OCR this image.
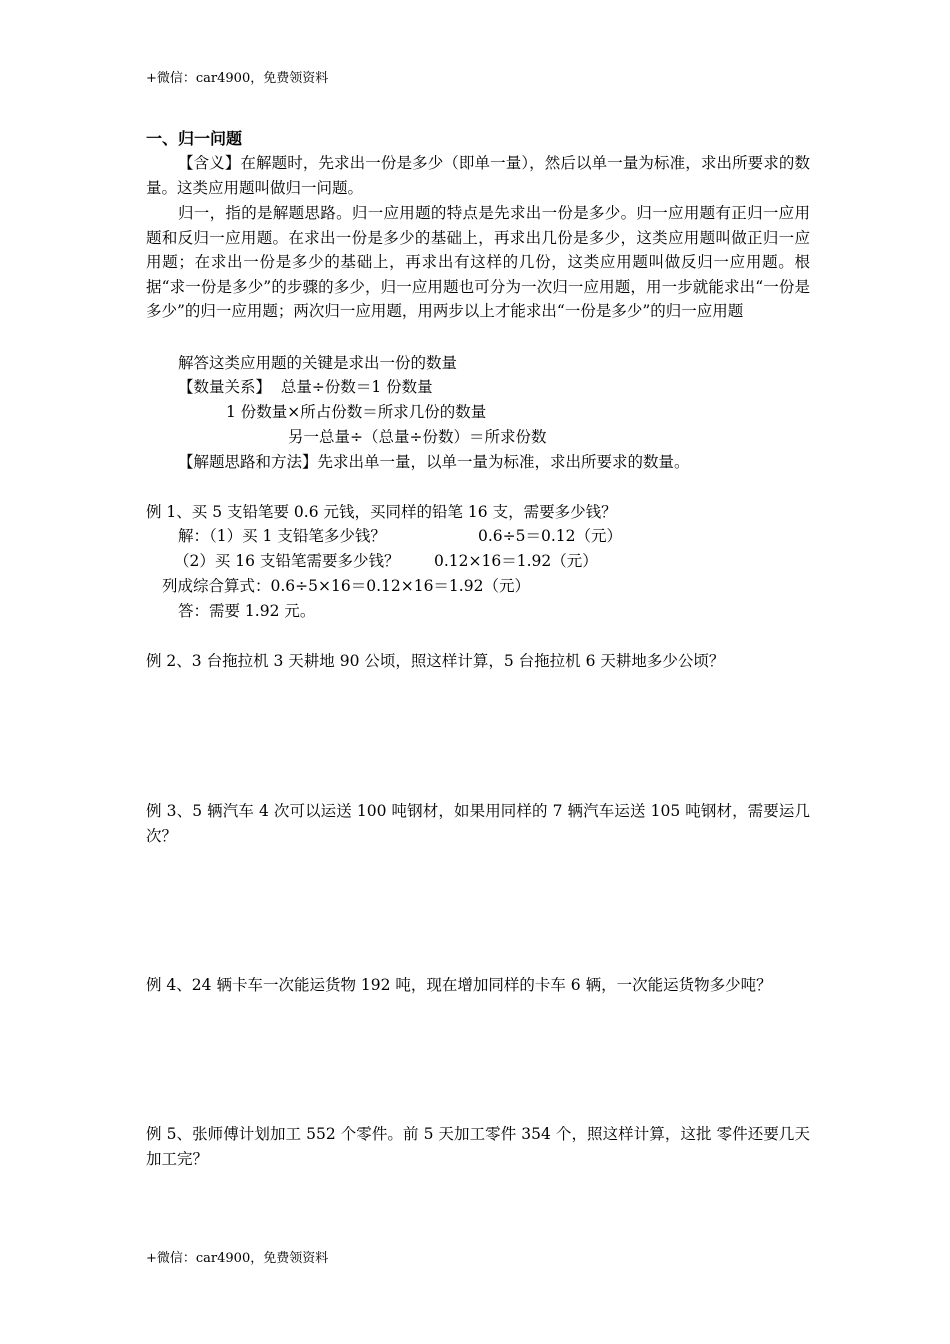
+微信：car4900，免费领资料
一、归一问题
【含义】在解题时，先求出一份是多少（即单一量），然后以单一量为标准，求出所要求的数量。这类应用题叫做归一问题。
归一，指的是解题思路。归一应用题的特点是先求出一份是多少。归一应用题有正归一应用题和反归一应用题。在求出一份是多少的基础上，再求出几份是多少，这类应用题叫做正归一应用题；在求出一份是多少的基础上，再求出有这样的几份，这类应用题叫做反归一应用题。根据“求一份是多少”的步骤的多少，归一应用题也可分为一次归一应用题，用一步就能求出“一份是多少”的归一应用题；两次归一应用题，用两步以上才能求出“一份是多少”的归一应用题
解答这类应用题的关键是求出一份的数量
【数量关系】 总量÷份数＝1 份数量
1 份数量×所占份数＝所求几份的数量
另一总量÷（总量÷份数）＝所求份数
【解题思路和方法】先求出单一量，以单一量为标准，求出所要求的数量。
例 1、买 5 支铅笔要 0.6 元钱，买同样的铅笔 16 支，需要多少钱？
解：（1）买 1 支铅笔多少钱？	0.6÷5＝0.12（元）
（2）买 16 支铅笔需要多少钱？	0.12×16＝1.92（元）
列成综合算式：0.6÷5×16＝0.12×16＝1.92（元）
答：需要 1.92 元。
例 2、3 台拖拉机 3 天耕地 90 公顷，照这样计算，5 台拖拉机 6 天耕地多少公顷？
例 3、5 辆汽车 4 次可以运送 100 吨钢材，如果用同样的 7 辆汽车运送 105 吨钢材，需要运几次？
例 4、24 辆卡车一次能运货物 192 吨，现在增加同样的卡车 6 辆，一次能运货物多少吨？
例 5、张师傅计划加工 552 个零件。前 5 天加工零件 354 个，照这样计算，这批 零件还要几天加工完？
+微信：car4900，免费领资料
